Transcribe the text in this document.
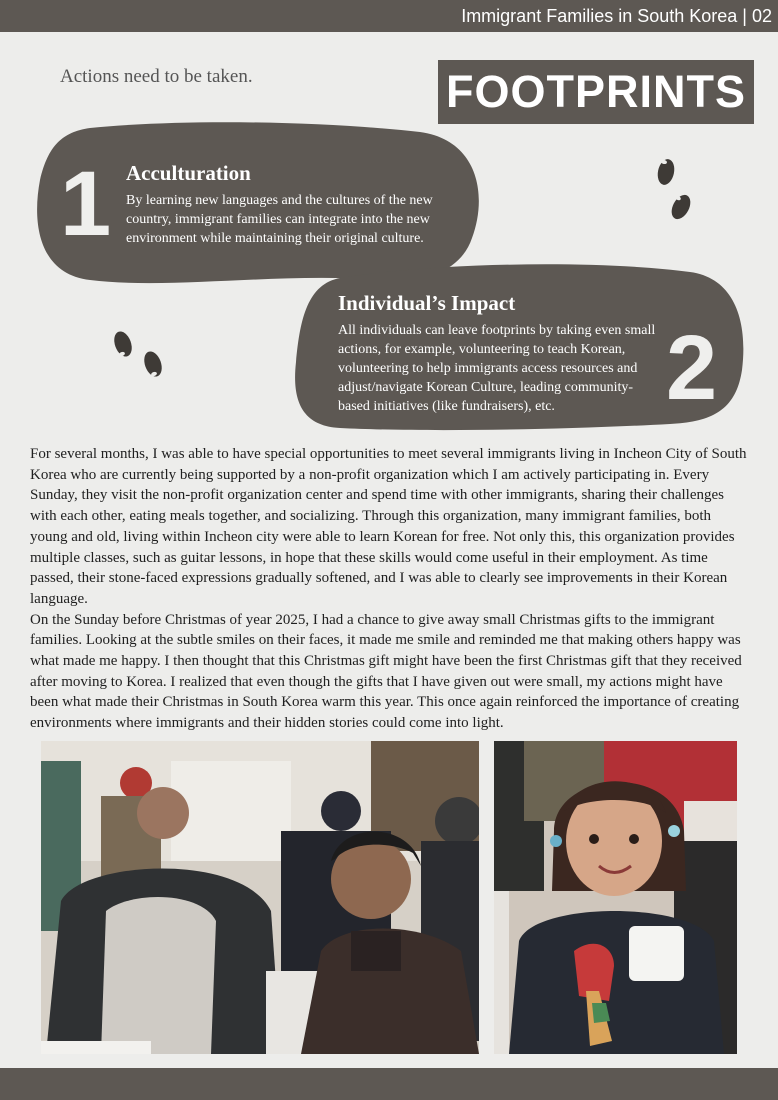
Immigrant Families in South Korea | 02
Actions need to be taken.	FOOTPRINTS
1 Acculturation
By learning new languages and the cultures of the new
country, immigrant families can integrate into the new
environment while maintaining their original culture.
Individual’s Impact
All individuals can leave footprints by taking even small
actions, for example, volunteering to teach Korean,
volunteering to help immigrants access resources and
adjust/navigate Korean Culture, leading community-
based initiatives (like fundraisers), etc.	2

For several months, I was able to have special opportunities to meet several immigrants living in Incheon City of South Korea who are currently being supported by a non-profit organization which I am actively participating in. Every Sunday, they visit the non-profit organization center and spend time with other immigrants, sharing their challenges with each other, eating meals together, and socializing. Through this organization, many immigrant families, both young and old, living within Incheon city were able to learn Korean for free. Not only this, this organization provides multiple classes, such as guitar lessons, in hope that these skills would come useful in their employment. As time passed, their stone-faced expressions gradually softened, and I was able to clearly see improvements in their Korean language.

On the Sunday before Christmas of year 2025, I had a chance to give away small Christmas gifts to the immigrant families. Looking at the subtle smiles on their faces, it made me smile and reminded me that making others happy was what made me happy. I then thought that this Christmas gift might have been the first Christmas gift that they received after moving to Korea. I realized that even though the gifts that I have given out were small, my actions might have been what made their Christmas in South Korea warm this year. This once again reinforced the importance of creating environments where immigrants and their hidden stories could come into light.
